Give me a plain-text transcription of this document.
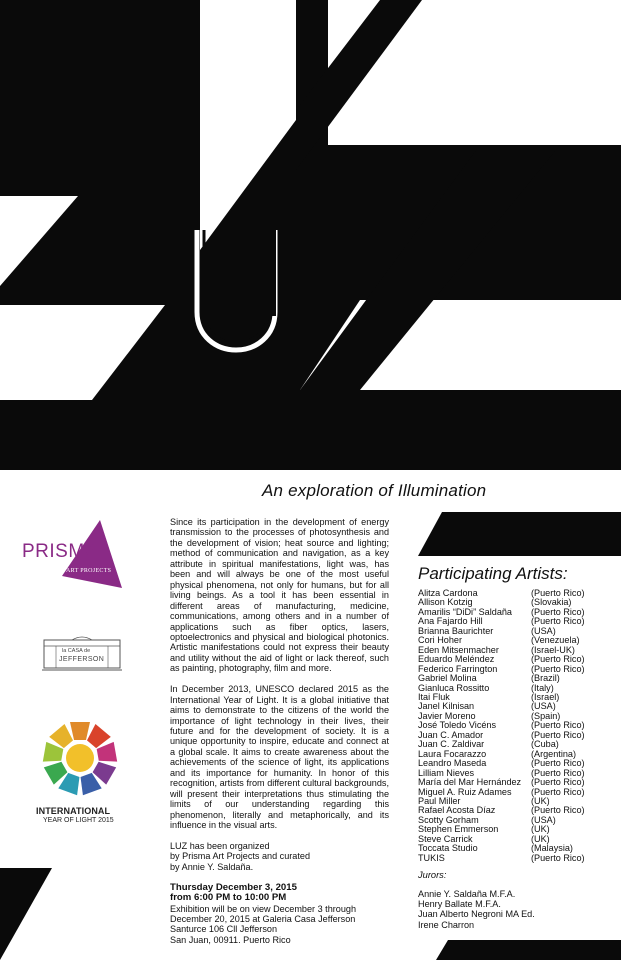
An exploration of Illumination
PRISMA
ART PROJECTS
la CASA de
JEFFERSON
INTERNATIONAL
YEAR OF LIGHT 2015

Since its participation in the development of energy transmission to the processes of photosynthesis and the development of vision; heat source and lighting; method of communication and navigation, as a key attribute in spiritual manifestations, light was, has been and will always be one of the most useful physical phenomena, not only for humans, but for all living beings. As a tool it has been essential in different areas of manufacturing, medicine, communications, among others and in a number of applications such as fiber optics, lasers, optoelectronics and physical and biological photonics. Artistic manifestations could not express their beauty and utility without the aid of light or lack thereof, such as painting, photography, film and more.

In December 2013, UNESCO declared 2015 as the International Year of Light. It is a global initiative that aims to demonstrate to the citizens of the world the importance of light technology in their lives, their future and for the development of society. It is a unique opportunity to inspire, educate and connect at a global scale. It aims to create awareness about the achievements of the science of light, its applications and its importance for humanity. In honor of this recognition, artists from different cultural backgrounds, will present their interpretations thus stimulating the limits of our understanding regarding this phenomenon, literally and metaphorically, and its influence in the visual arts.

LUZ has been organized
by Prisma Art Projects and curated
by Annie Y. Saldaña.
Thursday December 3, 2015
from 6:00 PM to 10:00 PM
Exhibition will be on view December 3 through
December 20, 2015 at Galeria Casa Jefferson
Santurce 106 Cll Jefferson
San Juan, 00911. Puerto Rico
Participating Artists:
Alitza Cardona	(Puerto Rico)
Allison Kotzig	(Slovakia)
Amarilis “DiDi” Saldaña	(Puerto Rico)
Ana Fajardo Hill	(Puerto Rico)
Brianna Baurichter	(USA)
Cori Hoher	(Venezuela)
Eden Mitsenmacher	(Israel-UK)
Eduardo Meléndez	(Puerto Rico)
Federico Farrington	(Puerto Rico)
Gabriel Molina	(Brazil)
Gianluca Rossitto	(Italy)
Itai Fluk	(Israel)
Janel Kilnisan	(USA)
Javier Moreno	(Spain)
José Toledo Vicéns	(Puerto Rico)
Juan C. Amador	(Puerto Rico)
Juan C. Zaldivar	(Cuba)
Laura Focarazzo	(Argentina)
Leandro Maseda	(Puerto Rico)
Lilliam Nieves	(Puerto Rico)
María del Mar Hernández	(Puerto Rico)
Miguel A. Ruiz Adames	(Puerto Rico)
Paul Miller	(UK)
Rafael Acosta Díaz	(Puerto Rico)
Scotty Gorham	(USA)
Stephen Emmerson	(UK)
Steve Carrick	(UK)
Toccata Studio	(Malaysia)
TUKIS	(Puerto Rico)
Jurors:
Annie Y. Saldaña M.F.A.
Henry Ballate M.F.A.
Juan Alberto Negroni MA Ed.
Irene Charron
